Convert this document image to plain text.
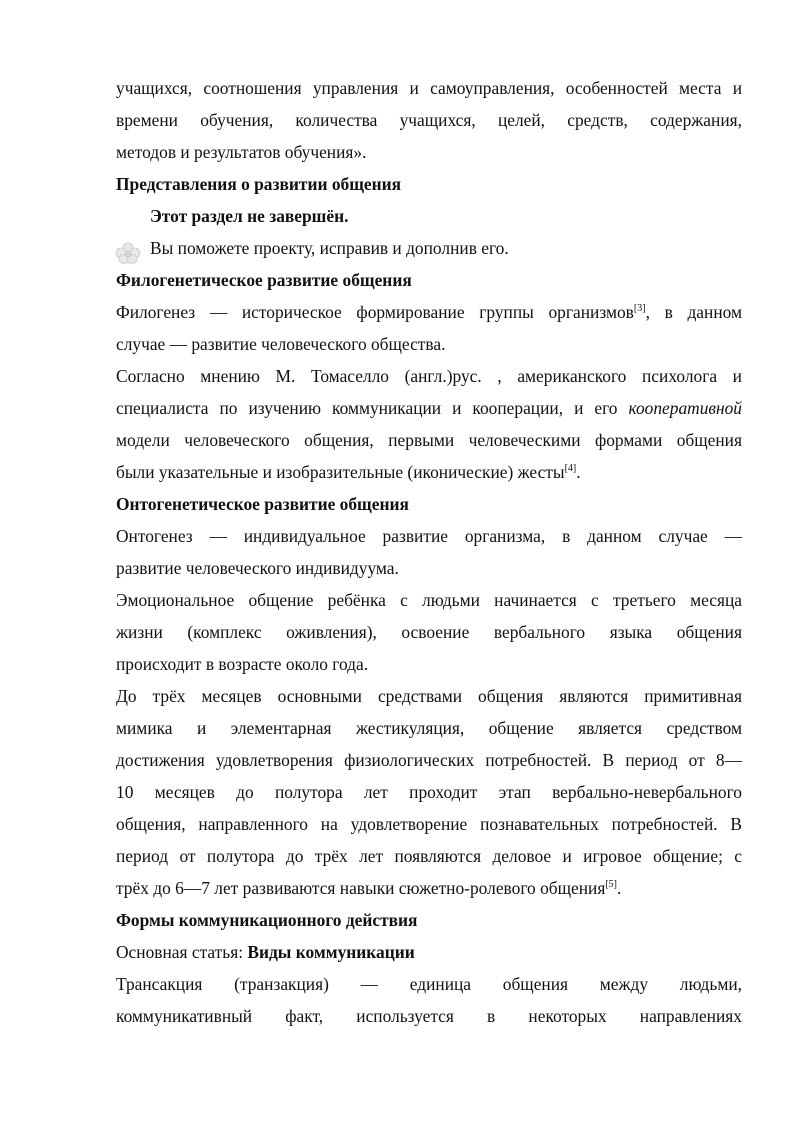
учащихся, соотношения управления и самоуправления, особенностей места и
времени обучения, количества учащихся, целей, средств, содержания,
методов и результатов обучения».
Представления о развитии общения
Этот раздел не завершён.
Вы поможете проекту, исправив и дополнив его.
Филогенетическое развитие общения
Филогенез — историческое формирование группы организмов[3], в данном
случае — развитие человеческого общества.
Согласно мнению М. Томаселло (англ.)рус. , американского психолога и
специалиста по изучению коммуникации и кооперации, и его кооперативной
модели человеческого общения, первыми человеческими формами общения
были указательные и изобразительные (иконические) жесты[4].
Онтогенетическое развитие общения
Онтогенез — индивидуальное развитие организма, в данном случае —
развитие человеческого индивидуума.
Эмоциональное общение ребёнка с людьми начинается с третьего месяца
жизни (комплекс оживления), освоение вербального языка общения
происходит в возрасте около года.
До трёх месяцев основными средствами общения являются примитивная
мимика и элементарная жестикуляция, общение является средством
достижения удовлетворения физиологических потребностей. В период от 8—
10 месяцев до полутора лет проходит этап вербально-невербального
общения, направленного на удовлетворение познавательных потребностей. В
период от полутора до трёх лет появляются деловое и игровое общение; с
трёх до 6—7 лет развиваются навыки сюжетно-ролевого общения[5].
Формы коммуникационного действия
Основная статья: Виды коммуникации
Трансакция (транзакция) — единица общения между людьми,
коммуникативный факт, используется в некоторых направлениях
